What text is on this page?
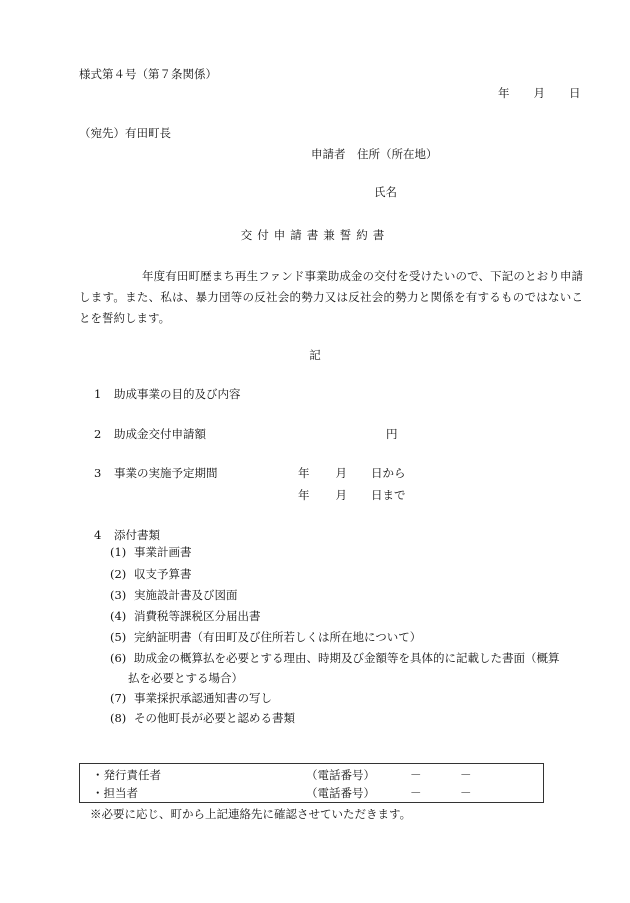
様式第４号（第７条関係）
年 月 日
（宛先）有田町長
申請者　住所（所在地）
氏名
交付申請書兼誓約書
年度有田町歴まち再生ファンド事業助成金の交付を受けたいので、下記のとおり申請します。また、私は、暴力団等の反社会的勢力又は反社会的勢力と関係を有するものではないことを誓約します。
記
1 助成事業の目的及び内容
2 助成金交付申請額	円
3 事業の実施予定期間	年 月 日から
年 月 日まで
4 添付書類
(1) 事業計画書
(2) 収支予算書
(3) 実施設計書及び図面
(4) 消費税等課税区分届出書
(5) 完納証明書（有田町及び住所若しくは所在地について）
(6) 助成金の概算払を必要とする理由、時期及び金額等を具体的に記載した書面（概算
払を必要とする場合）
(7) 事業採択承認通知書の写し
(8) その他町長が必要と認める書類
・発行責任者	（電話番号）	－	－
・担当者	（電話番号）	－	－
※必要に応じ、町から上記連絡先に確認させていただきます。
